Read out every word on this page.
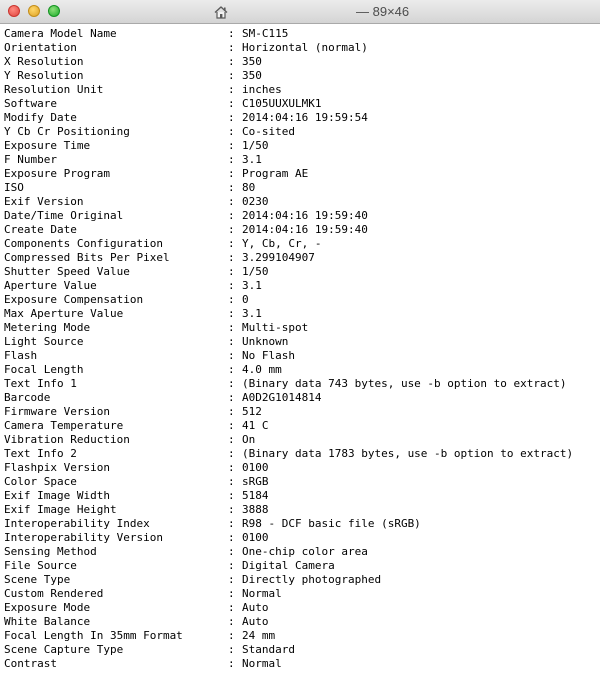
— 89×46
Camera Model Name	: SM-C115
Orientation	: Horizontal (normal)
X Resolution	: 350
Y Resolution	: 350
Resolution Unit	: inches
Software	: C105UUXULMK1
Modify Date	: 2014:04:16 19:59:54
Y Cb Cr Positioning	: Co-sited
Exposure Time	: 1/50
F Number	: 3.1
Exposure Program	: Program AE
ISO	: 80
Exif Version	: 0230
Date/Time Original	: 2014:04:16 19:59:40
Create Date	: 2014:04:16 19:59:40
Components Configuration	: Y, Cb, Cr, -
Compressed Bits Per Pixel	: 3.299104907
Shutter Speed Value	: 1/50
Aperture Value	: 3.1
Exposure Compensation	: 0
Max Aperture Value	: 3.1
Metering Mode	: Multi-spot
Light Source	: Unknown
Flash	: No Flash
Focal Length	: 4.0 mm
Text Info 1	: (Binary data 743 bytes, use -b option to extract)
Barcode	: A0D2G1014814
Firmware Version	: 512
Camera Temperature	: 41 C
Vibration Reduction	: On
Text Info 2	: (Binary data 1783 bytes, use -b option to extract)
Flashpix Version	: 0100
Color Space	: sRGB
Exif Image Width	: 5184
Exif Image Height	: 3888
Interoperability Index	: R98 - DCF basic file (sRGB)
Interoperability Version	: 0100
Sensing Method	: One-chip color area
File Source	: Digital Camera
Scene Type	: Directly photographed
Custom Rendered	: Normal
Exposure Mode	: Auto
White Balance	: Auto
Focal Length In 35mm Format	: 24 mm
Scene Capture Type	: Standard
Contrast	: Normal
